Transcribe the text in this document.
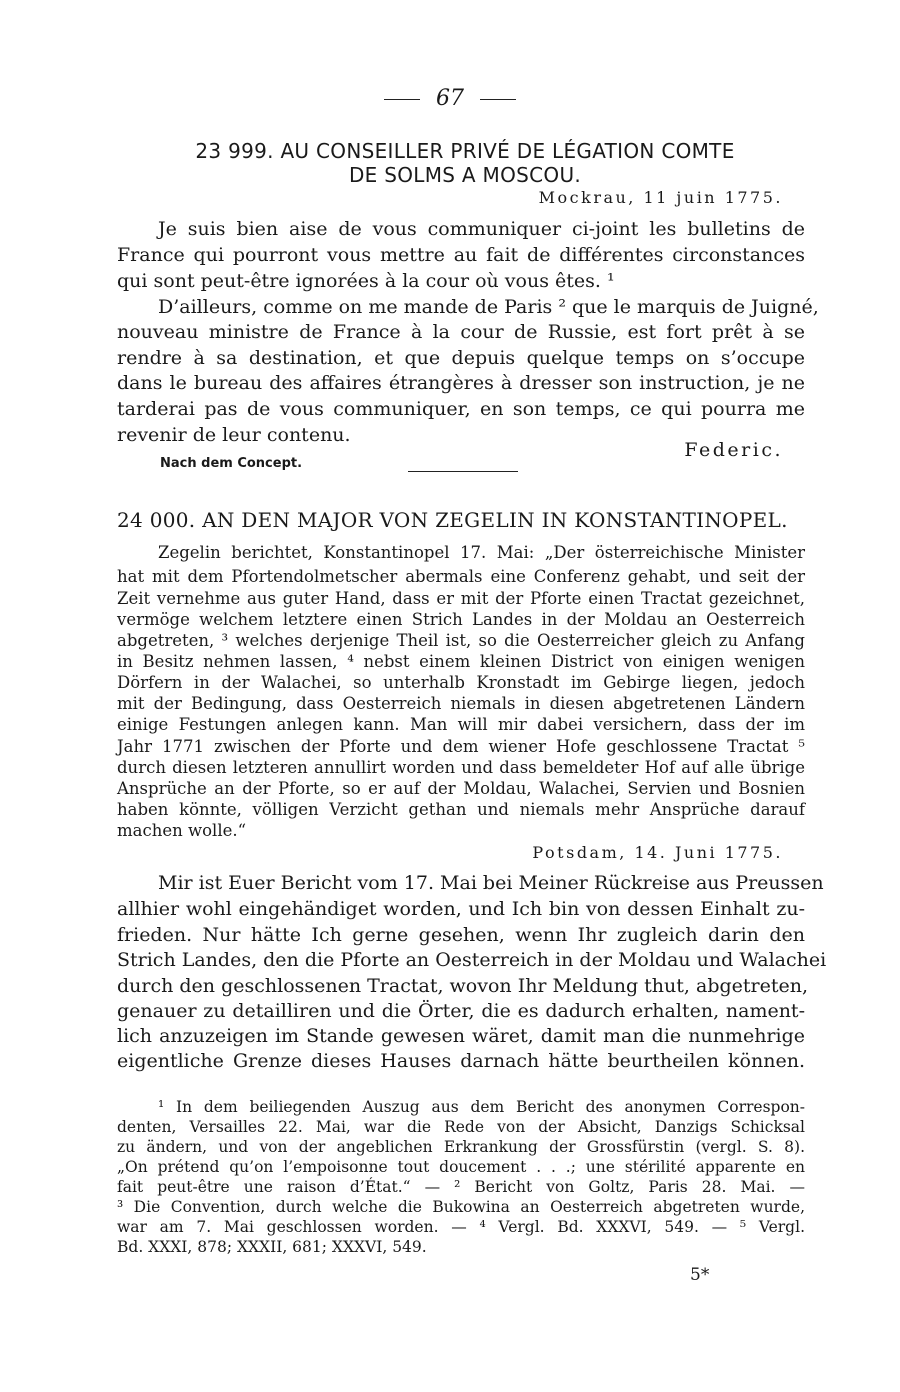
67
23 999. AU CONSEILLER PRIVÉ DE LÉGATION COMTE
DE SOLMS A MOSCOU.
Mockrau, 11 juin 1775.
Je suis bien aise de vous communiquer ci-joint les bulletins de
France qui pourront vous mettre au fait de différentes circonstances
qui sont peut-être ignorées à la cour où vous êtes. ¹
D’ailleurs, comme on me mande de Paris ² que le marquis de Juigné,
nouveau ministre de France à la cour de Russie, est fort prêt à se
rendre à sa destination, et que depuis quelque temps on s’occupe
dans le bureau des affaires étrangères à dresser son instruction, je ne
tarderai pas de vous communiquer, en son temps, ce qui pourra me
revenir de leur contenu.
Federic.
Nach dem Concept.
24 000. AN DEN MAJOR VON ZEGELIN IN KONSTANTINOPEL.
Zegelin berichtet, Konstantinopel 17. Mai: „Der österreichische Minister
hat mit dem Pfortendolmetscher abermals eine Conferenz gehabt, und seit der
Zeit vernehme aus guter Hand, dass er mit der Pforte einen Tractat gezeichnet,
vermöge welchem letztere einen Strich Landes in der Moldau an Oesterreich
abgetreten, ³ welches derjenige Theil ist, so die Oesterreicher gleich zu Anfang
in Besitz nehmen lassen, ⁴ nebst einem kleinen District von einigen wenigen
Dörfern in der Walachei, so unterhalb Kronstadt im Gebirge liegen, jedoch
mit der Bedingung, dass Oesterreich niemals in diesen abgetretenen Ländern
einige Festungen anlegen kann. Man will mir dabei versichern, dass der im
Jahr 1771 zwischen der Pforte und dem wiener Hofe geschlossene Tractat ⁵
durch diesen letzteren annullirt worden und dass bemeldeter Hof auf alle übrige
Ansprüche an der Pforte, so er auf der Moldau, Walachei, Servien und Bosnien
haben könnte, völligen Verzicht gethan und niemals mehr Ansprüche darauf
machen wolle.“
Potsdam, 14. Juni 1775.
Mir ist Euer Bericht vom 17. Mai bei Meiner Rückreise aus Preussen
allhier wohl eingehändiget worden, und Ich bin von dessen Einhalt zu-
frieden. Nur hätte Ich gerne gesehen, wenn Ihr zugleich darin den
Strich Landes, den die Pforte an Oesterreich in der Moldau und Walachei
durch den geschlossenen Tractat, wovon Ihr Meldung thut, abgetreten,
genauer zu detailliren und die Örter, die es dadurch erhalten, nament-
lich anzuzeigen im Stande gewesen wäret, damit man die nunmehrige
eigentliche Grenze dieses Hauses darnach hätte beurtheilen können.
¹ In dem beiliegenden Auszug aus dem Bericht des anonymen Correspon-
denten, Versailles 22. Mai, war die Rede von der Absicht, Danzigs Schicksal
zu ändern, und von der angeblichen Erkrankung der Grossfürstin (vergl. S. 8).
„On prétend qu’on l’empoisonne tout doucement . . .; une stérilité apparente en
fait peut-être une raison d’État.“ — ² Bericht von Goltz, Paris 28. Mai. —
³ Die Convention, durch welche die Bukowina an Oesterreich abgetreten wurde,
war am 7. Mai geschlossen worden. — ⁴ Vergl. Bd. XXXVI, 549. — ⁵ Vergl.
Bd. XXXI, 878; XXXII, 681; XXXVI, 549.
5*
